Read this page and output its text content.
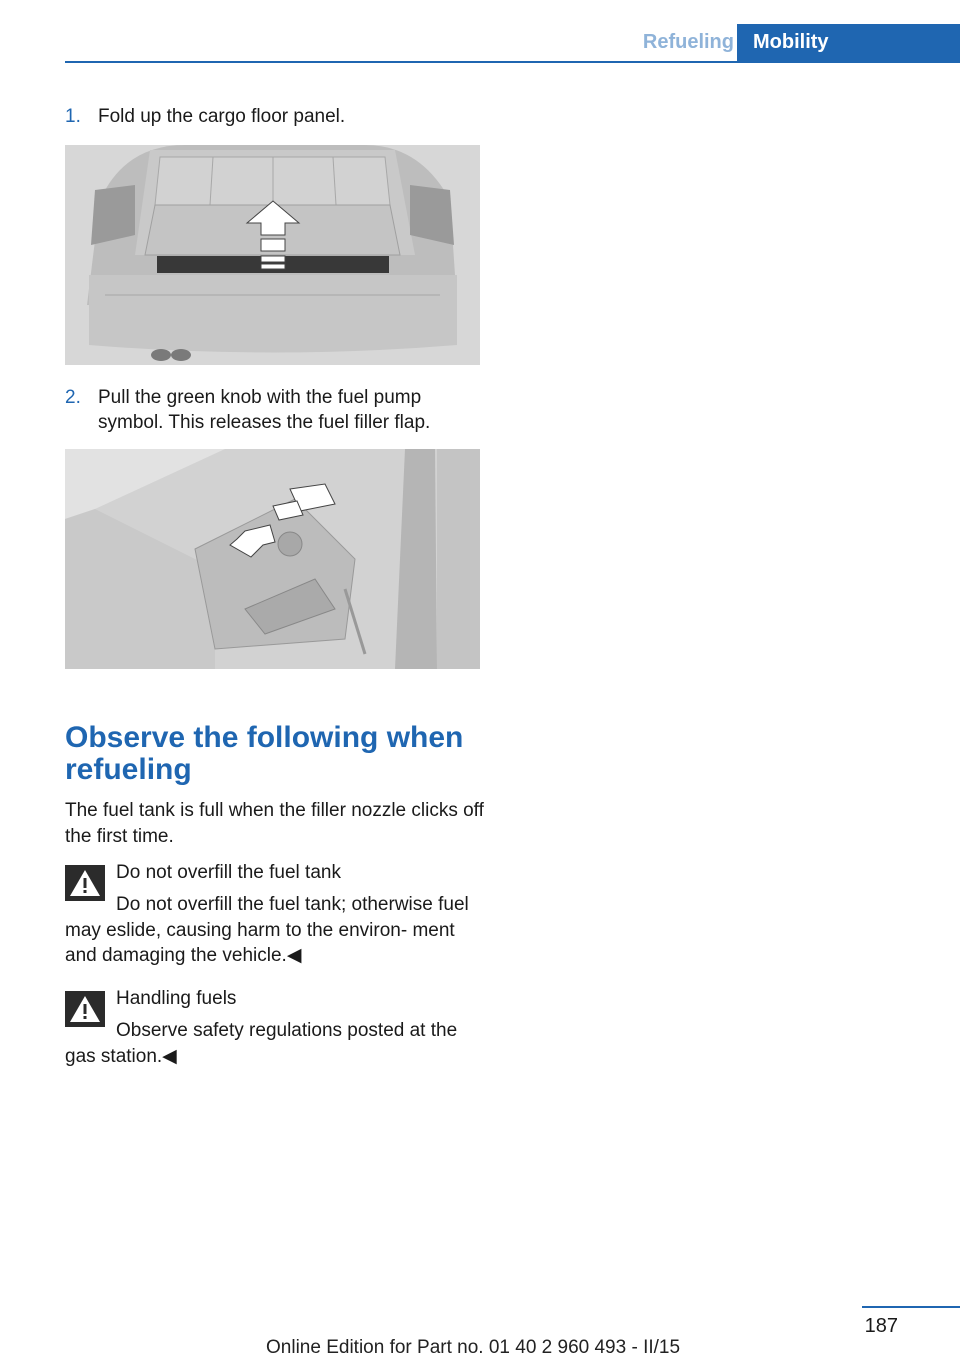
Refueling Mobility
1. Fold up the cargo floor panel.
2. Pull the green knob with the fuel pump symbol. This releases the fuel filler flap.
Observe the following when refueling

The fuel tank is full when the filler nozzle clicks off the first time.

Do not overfill the fuel tank

Do not overfill the fuel tank; otherwise fuel may eslide, causing harm to the environ- ment and damaging the vehicle.◀

Handling fuels

Observe safety regulations posted at the gas station.◀

187
Online Edition for Part no. 01 40 2 960 493 - II/15
